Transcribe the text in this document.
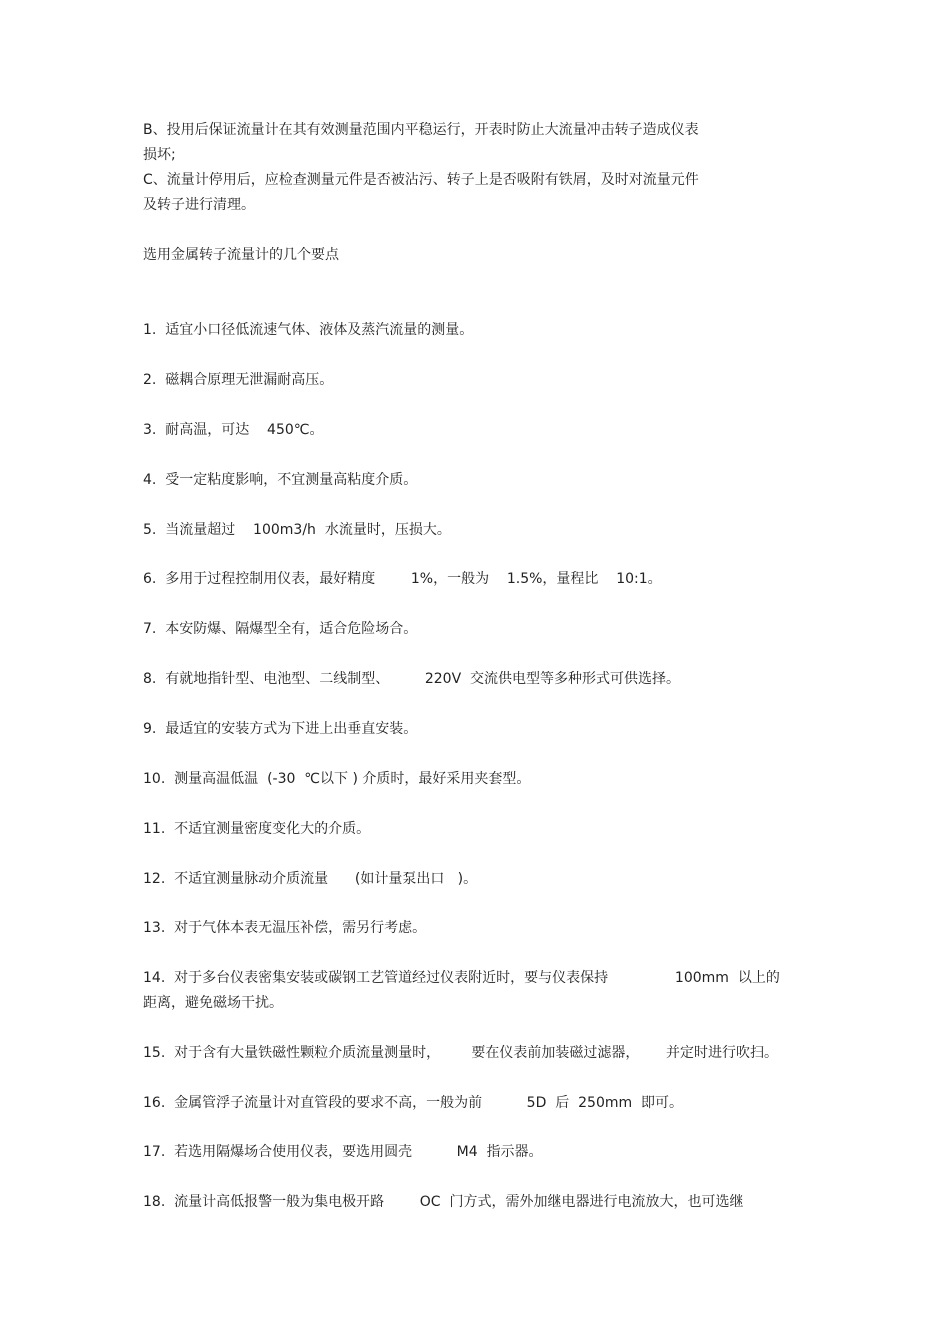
B、投用后保证流量计在其有效测量范围内平稳运行，开表时防止大流量冲击转子造成仪表
损坏;
C、流量计停用后，应检查测量元件是否被沾污、转子上是否吸附有铁屑，及时对流量元件
及转子进行清理。
选用金属转子流量计的几个要点
1.  适宜小口径低流速气体、液体及蒸汽流量的测量。
2.  磁耦合原理无泄漏耐高压。
3.  耐高温，可达    450℃。
4.  受一定粘度影响，不宜测量高粘度介质。
5.  当流量超过    100m3/h  水流量时，压损大。
6.  多用于过程控制用仪表，最好精度        1%，一般为    1.5%，量程比    10:1。
7.  本安防爆、隔爆型全有，适合危险场合。
8.  有就地指针型、电池型、二线制型、        220V  交流供电型等多种形式可供选择。
9.  最适宜的安装方式为下进上出垂直安装。
10.  测量高温低温  (-30  ℃以下 ) 介质时，最好采用夹套型。
11.  不适宜测量密度变化大的介质。
12.  不适宜测量脉动介质流量      (如计量泵出口   )。
13.  对于气体本表无温压补偿，需另行考虑。
14.  对于多台仪表密集安装或碳钢工艺管道经过仪表附近时，要与仪表保持               100mm  以上的
距离，避免磁场干扰。
15.  对于含有大量铁磁性颗粒介质流量测量时，       要在仪表前加装磁过滤器，      并定时进行吹扫。
16.  金属管浮子流量计对直管段的要求不高，一般为前          5D  后  250mm  即可。
17.  若选用隔爆场合使用仪表，要选用圆壳          M4  指示器。
18.  流量计高低报警一般为集电极开路        OC  门方式，需外加继电器进行电流放大，也可选继
